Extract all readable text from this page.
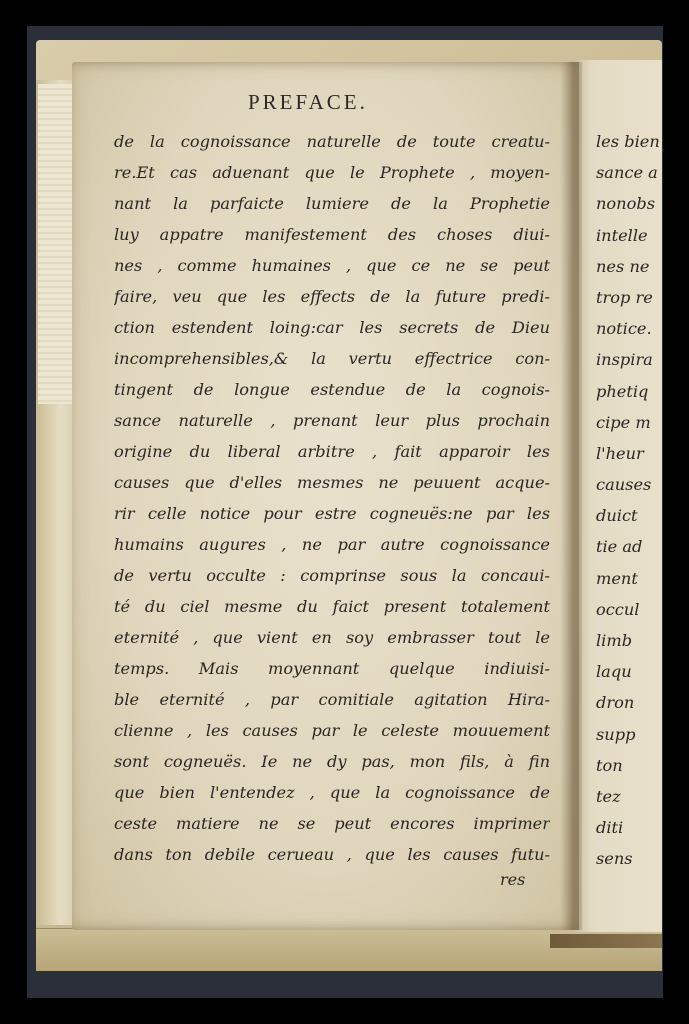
les bien
sance a
nonobs
intelle
nes ne
trop re
notice.
inspira
phetiq
cipe m
l'heur
causes
duict
tie ad
ment
occul
limb
laqu
dron
supp
ton
tez
diti
sens
PREFACE.
de la cognoissance naturelle de toute creatu-
re.Et cas aduenant que le Prophete , moyen-
nant la parfaicte lumiere de la Prophetie
luy appatre manifestement des choses diui-
nes , comme humaines , que ce ne se peut
faire, veu que les effects de la future predi-
ction estendent loing:car les secrets de Dieu
incomprehensibles,& la vertu effectrice con-
tingent de longue estendue de la cognois-
sance naturelle , prenant leur plus prochain
origine du liberal arbitre , fait apparoir les
causes que d'elles mesmes ne peuuent acque-
rir celle notice pour estre cogneuës:ne par les
humains augures , ne par autre cognoissance
de vertu occulte : comprinse sous la concaui-
té du ciel mesme du faict present totalement
eternité , que vient en soy embrasser tout le
temps. Mais moyennant quelque indiuisi-
ble eternité , par comitiale agitation Hira-
clienne , les causes par le celeste mouuement
sont cogneuës. Ie ne dy pas, mon fils, à fin
que bien l'entendez , que la cognoissance de
ceste matiere ne se peut encores imprimer
dans ton debile cerueau , que les causes futu-
res
